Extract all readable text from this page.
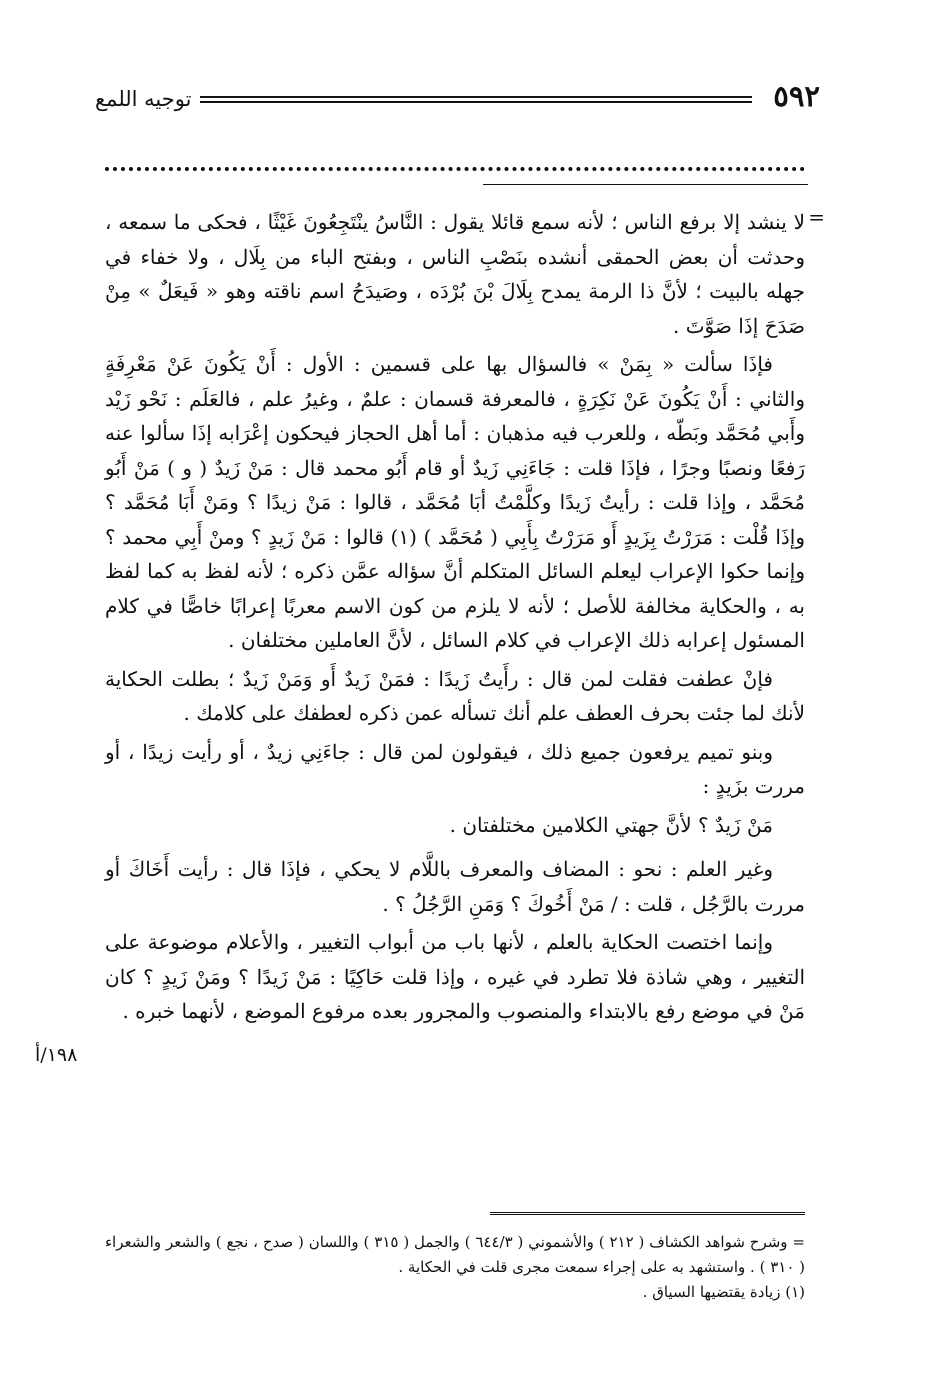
٥٩٢
توجيه اللمع
=

لا ينشد إلا برفع الناس ؛ لأنه سمع قائلا يقول : النَّاسُ ينْتَجِعُونَ غَيْثًا ، فحكى ما سمعه ، وحدثت أن بعض الحمقى أنشده بنَصْبِ الناس ، وبفتح الباء من بِلَال ، ولا خفاء في جهله بالبيت ؛ لأنَّ ذا الرمة يمدح بِلَالَ بْنَ بُرْدَه ، وصَيدَحُ اسم ناقته وهو « فَيعَلٌ » مِنْ صَدَحَ إذَا صَوَّتَ .

فإذَا سألت « بِمَنْ » فالسؤال بها على قسمين : الأول : أَنْ يَكُونَ عَنْ مَعْرِفَةٍ والثاني : أَنْ يَكُونَ عَنْ نَكِرَةٍ ، فالمعرفة قسمان : علمٌ ، وغيرُ علم ، فالعَلَم : نَحْو زَيْد وأَبي مُحَمَّد وبَطّه ، وللعرب فيه مذهبان : أما أهل الحجاز فيحكون إعْرَابه إذَا سألوا عنه رَفعًا ونصبًا وجرًا ، فإذَا قلت : جَاءَنِي زَيدٌ أو قام أَبُو محمد قال : مَنْ زَيدٌ ( و ) مَنْ أَبُو مُحَمَّد ، وإذا قلت : رأيتُ زَيدًا وكلَّمْتُ أبَا مُحَمَّد ، قالوا : مَنْ زيدًا ؟ ومَنْ أَبَا مُحَمَّد ؟ وإذَا قُلْت : مَرَرْتُ بِزَيدٍ أَو مَرَرْتُ بِأَبِي ( مُحَمَّد ) (١) قالوا : مَنْ زَيدٍ ؟ ومنْ أَبِي محمد ؟ وإنما حكوا الإعراب ليعلم السائل المتكلم أنَّ سؤاله عمَّن ذكره ؛ لأنه لفظ به كما لفظ به ، والحكاية مخالفة للأصل ؛ لأنه لا يلزم من كون الاسم معربًا إعرابًا خاصًّا في كلام المسئول إعرابه ذلك الإعراب في كلام السائل ، لأنَّ العاملين مختلفان .

فإنْ عطفت فقلت لمن قال : رأَيتُ زَيدًا : فمَنْ زَيدٌ أَو وَمَنْ زَيدٌ ؛ بطلت الحكاية لأنك لما جئت بحرف العطف علم أنك تسأله عمن ذكره لعطفك على كلامك .

وبنو تميم يرفعون جميع ذلك ، فيقولون لمن قال : جاءَنِي زيدٌ ، أو رأيت زيدًا ، أو مررت بزَيدٍ :

مَنْ زَيدٌ ؟ لأنَّ جهتي الكلامين مختلفتان .

وغير العلم : نحو : المضاف والمعرف باللَّام لا يحكي ، فإذَا قال : رأيت أَخَاكَ أو مررت بالرَّجُل ، قلت : / مَنْ أَخُوكَ ؟ وَمَنِ الرَّجُلُ ؟ .

وإنما اختصت الحكاية بالعلم ، لأنها باب من أبواب التغيير ، والأعلام موضوعة على التغيير ، وهي شاذة فلا تطرد في غيره ، وإذا قلت حَاكِيًا : مَنْ زَيدًا ؟ ومَنْ زَيدٍ ؟ كان مَنْ في موضع رفع بالابتداء والمنصوب والمجرور بعده مرفوع الموضع ، لأنهما خبره .

١٩٨/أ

= وشرح شواهد الكشاف ( ٢١٢ ) والأشموني ( ٦٤٤/٣ ) والجمل ( ٣١٥ ) واللسان ( صدح ، نجع ) والشعر والشعراء ( ٣١٠ ) . واستشهد به على إجراء سمعت مجرى قلت في الحكاية .

(١) زيادة يقتضيها السياق .
